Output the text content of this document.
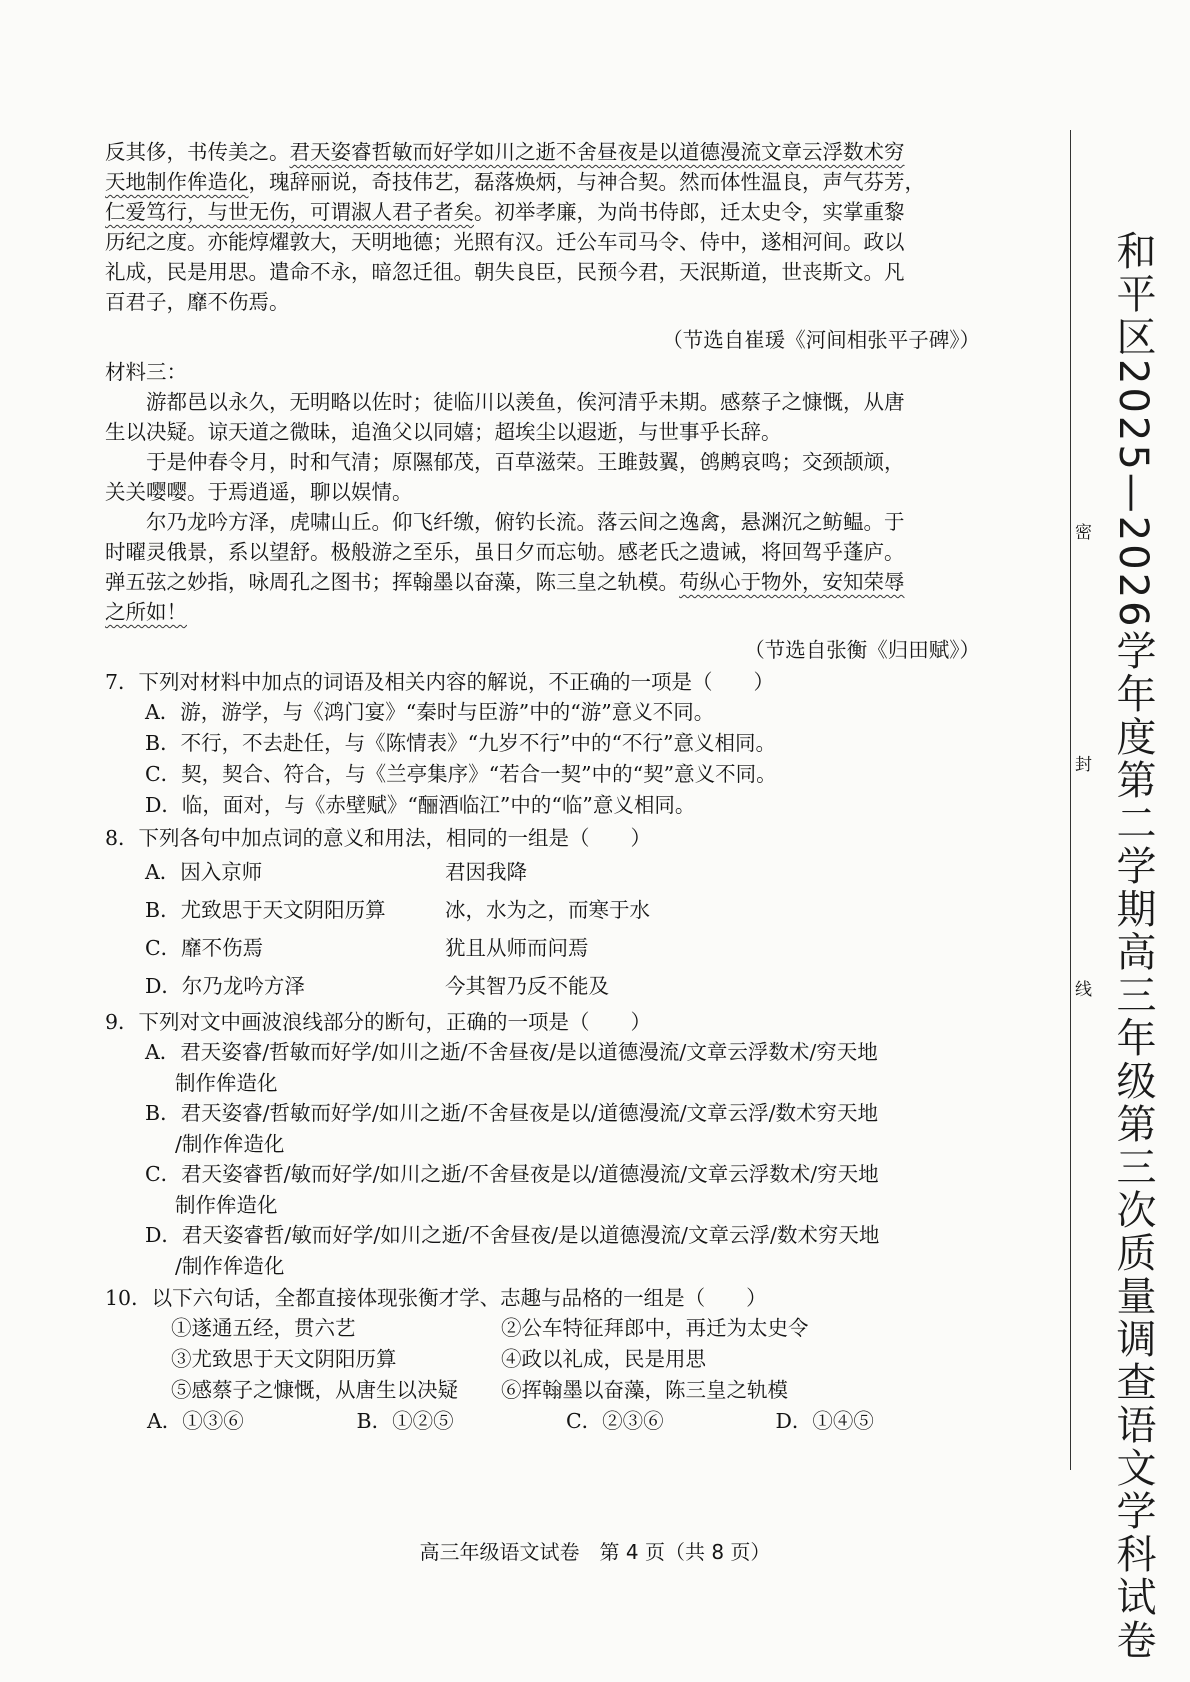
反其侈，书传美之。君天姿睿哲敏而好学如川之逝不舍昼夜是以道德漫流文章云浮数术穷
天地制作侔造化，瑰辞丽说，奇技伟艺，磊落焕炳，与神合契。然而体性温良，声气芬芳，
仁爱笃行，与世无伤，可谓淑人君子者矣。初举孝廉，为尚书侍郎，迁太史令，实掌重黎
历纪之度。亦能焞燿敦大，天明地德；光照有汉。迁公车司马令、侍中，遂相河间。政以
礼成，民是用思。遣命不永，暗忽迁徂。朝失良臣，民预今君，天泯斯道，世丧斯文。凡
百君子，靡不伤焉。
（节选自崔瑗《河间相张平子碑》）
材料三：
游都邑以永久，无明略以佐时；徒临川以羡鱼，俟河清乎未期。感蔡子之慷慨，从唐
生以决疑。谅天道之微昧，追渔父以同嬉；超埃尘以遐逝，与世事乎长辞。
于是仲春令月，时和气清；原隰郁茂，百草滋荣。王雎鼓翼，鸧鹒哀鸣；交颈颉颃，
关关嘤嘤。于焉逍遥，聊以娱情。
尔乃龙吟方泽，虎啸山丘。仰飞纤缴，俯钓长流。落云间之逸禽，悬渊沉之鲂鳁。于
时曜灵俄景，系以望舒。极般游之至乐，虽日夕而忘劬。感老氏之遗诫，将回驾乎蓬庐。
弹五弦之妙指，咏周孔之图书；挥翰墨以奋藻，陈三皇之轨模。苟纵心于物外，安知荣辱
之所如！
（节选自张衡《归田赋》）
7．下列对材料中加点的词语及相关内容的解说，不正确的一项是（　　）
A．游，游学，与《鸿门宴》“秦时与臣游”中的“游”意义不同。
B．不行，不去赴任，与《陈情表》“九岁不行”中的“不行”意义相同。
C．契，契合、符合，与《兰亭集序》“若合一契”中的“契”意义不同。
D．临，面对，与《赤壁赋》“酾酒临江”中的“临”意义相同。
8．下列各句中加点词的意义和用法，相同的一组是（　　）
A．因入京师	君因我降
B．尤致思于天文阴阳历算	冰，水为之，而寒于水
C．靡不伤焉	犹且从师而问焉
D．尔乃龙吟方泽	今其智乃反不能及
9．下列对文中画波浪线部分的断句，正确的一项是（　　）
A．君天姿睿/哲敏而好学/如川之逝/不舍昼夜/是以道德漫流/文章云浮数术/穷天地
制作侔造化
B．君天姿睿/哲敏而好学/如川之逝/不舍昼夜是以/道德漫流/文章云浮/数术穷天地
/制作侔造化
C．君天姿睿哲/敏而好学/如川之逝/不舍昼夜是以/道德漫流/文章云浮数术/穷天地
制作侔造化
D．君天姿睿哲/敏而好学/如川之逝/不舍昼夜/是以道德漫流/文章云浮/数术穷天地
/制作侔造化
10．以下六句话，全都直接体现张衡才学、志趣与品格的一组是（　　）
①遂通五经，贯六艺	②公车特征拜郎中，再迁为太史令
③尤致思于天文阴阳历算	④政以礼成，民是用思
⑤感蔡子之慷慨，从唐生以决疑	⑥挥翰墨以奋藻，陈三皇之轨模
A．①③⑥	B．①②⑤	C．②③⑥	D．①④⑤
高三年级语文试卷　第 4 页（共 8 页）
密
封
线 和平区2025—2026学年度第二学期高三年级第三次质量调查语文学科试卷
